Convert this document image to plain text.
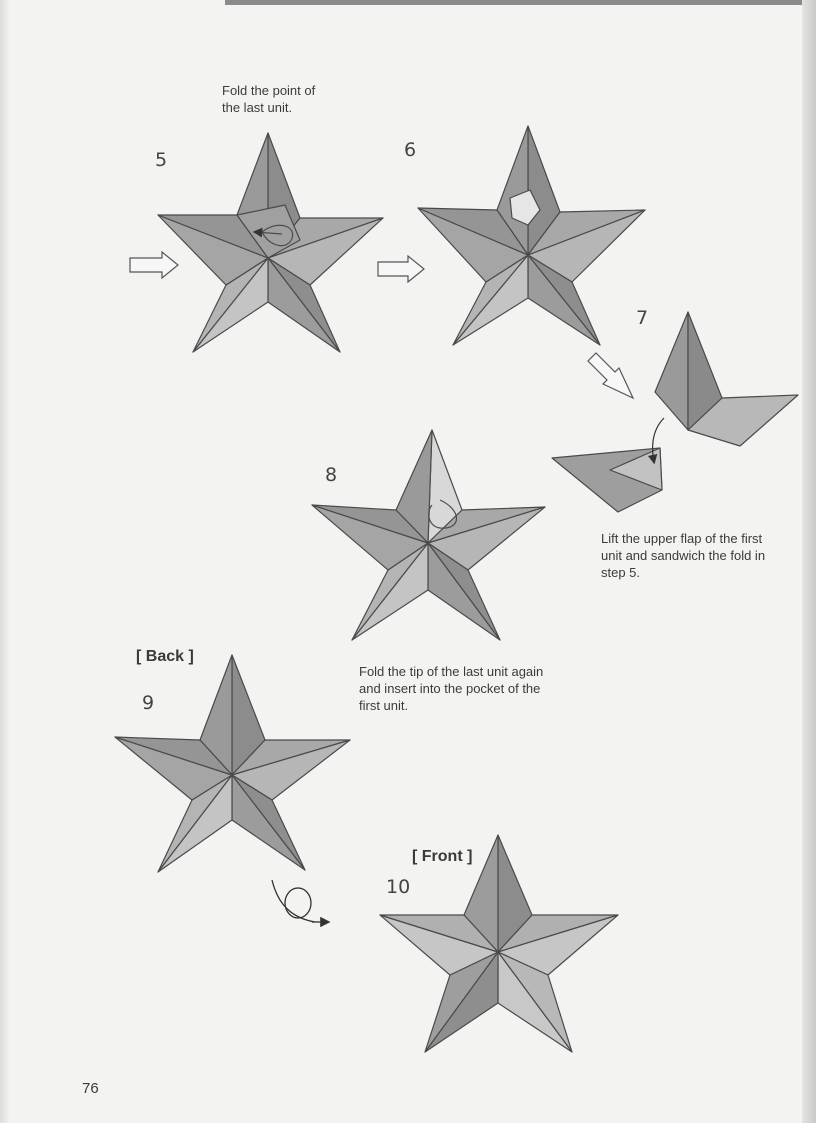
Fold the point of
the last unit.
5	6
7
Lift the upper flap of the first
unit and sandwich the fold in
step 5.
8
Fold the tip of the last unit again
and insert into the pocket of the
first unit.
[ Back ]
9
[ Front ]
10
76
